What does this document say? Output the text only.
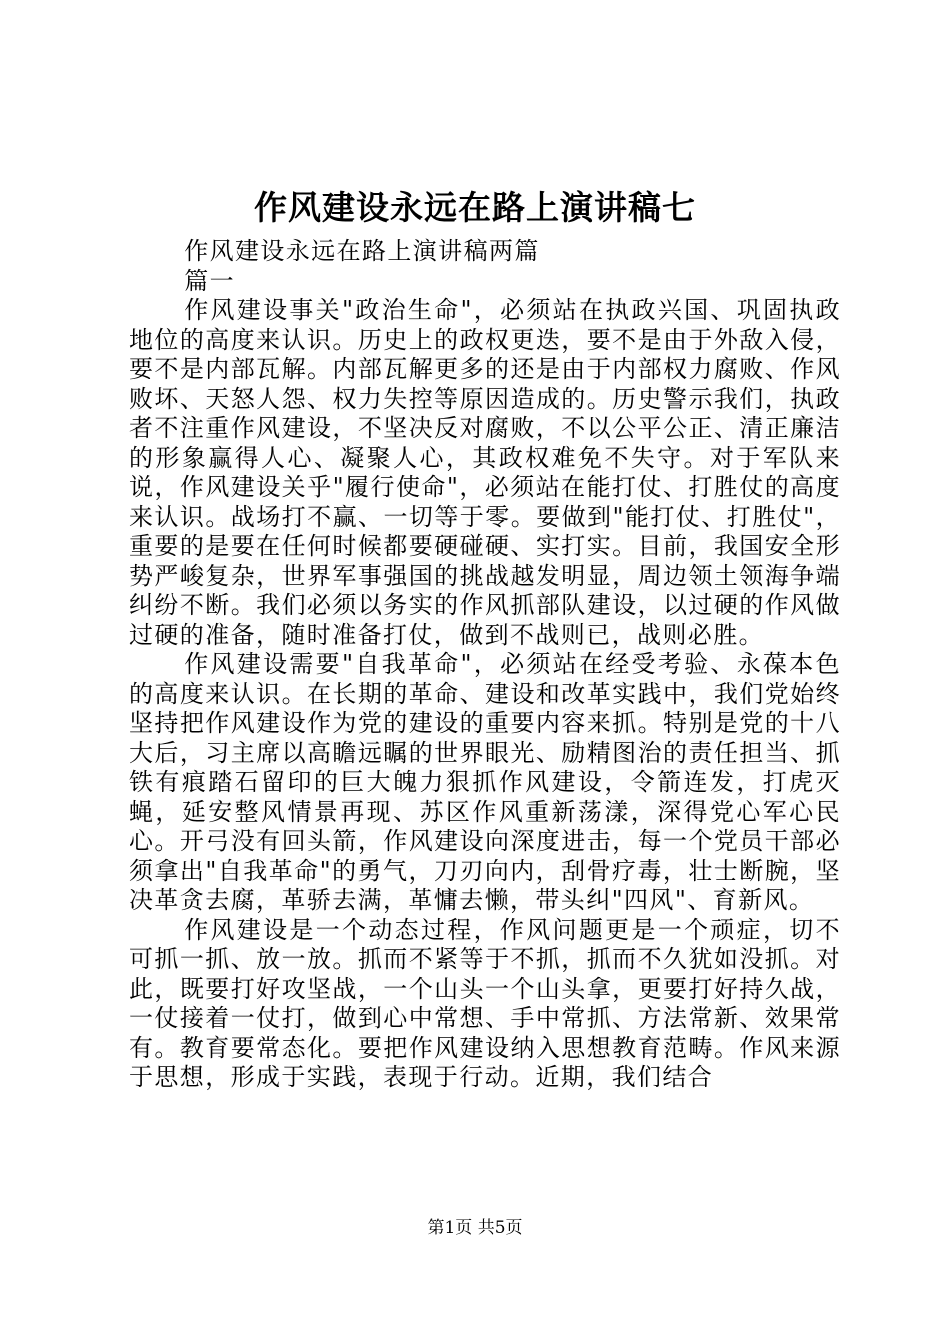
作风建设永远在路上演讲稿七

作风建设永远在路上演讲稿两篇

篇一

作风建设事关"政治生命"，必须站在执政兴国、巩固执政地位的高度来认识。历史上的政权更迭，要不是由于外敌入侵，要不是内部瓦解。内部瓦解更多的还是由于内部权力腐败、作风败坏、天怒人怨、权力失控等原因造成的。历史警示我们，执政者不注重作风建设，不坚决反对腐败，不以公平公正、清正廉洁的形象赢得人心、凝聚人心，其政权难免不失守。对于军队来说，作风建设关乎"履行使命"，必须站在能打仗、打胜仗的高度来认识。战场打不赢、一切等于零。要做到"能打仗、打胜仗"，重要的是要在任何时候都要硬碰硬、实打实。目前，我国安全形势严峻复杂，世界军事强国的挑战越发明显，周边领土领海争端纠纷不断。我们必须以务实的作风抓部队建设，以过硬的作风做过硬的准备，随时准备打仗，做到不战则已，战则必胜。

作风建设需要"自我革命"，必须站在经受考验、永葆本色的高度来认识。在长期的革命、建设和改革实践中，我们党始终坚持把作风建设作为党的建设的重要内容来抓。特别是党的十八大后，习主席以高瞻远瞩的世界眼光、励精图治的责任担当、抓铁有痕踏石留印的巨大魄力狠抓作风建设，令箭连发，打虎灭蝇，延安整风情景再现、苏区作风重新荡漾，深得党心军心民心。开弓没有回头箭，作风建设向深度进击，每一个党员干部必须拿出"自我革命"的勇气，刀刃向内，刮骨疗毒，壮士断腕，坚决革贪去腐，革骄去满，革慵去懒，带头纠"四风"、育新风。

作风建设是一个动态过程，作风问题更是一个顽症，切不可抓一抓、放一放。抓而不紧等于不抓，抓而不久犹如没抓。对此，既要打好攻坚战，一个山头一个山头拿，更要打好持久战，一仗接着一仗打，做到心中常想、手中常抓、方法常新、效果常有。教育要常态化。要把作风建设纳入思想教育范畴。作风来源于思想，形成于实践，表现于行动。近期，我们结合

第1页 共5页
